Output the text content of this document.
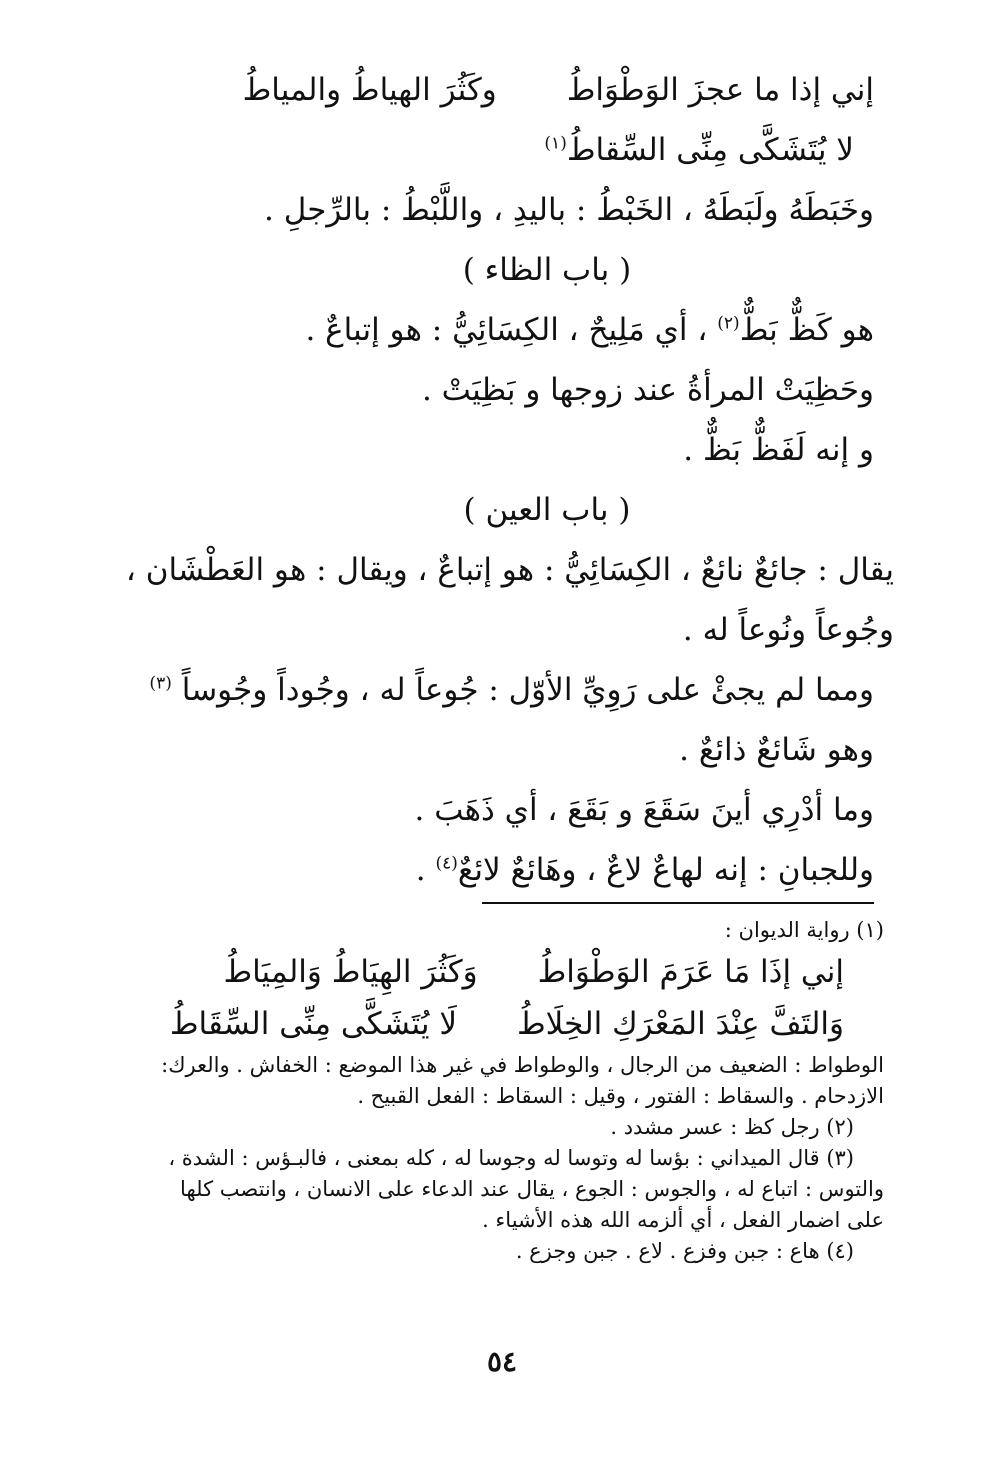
إني إذا ما عجزَ الوَطْوَاطُ
وكَثُرَ الهياطُ والمياطُ
لا يُتَشَكَّى مِنِّى السِّقاطُ$^{(١)}$
وخَبَطَهُ ولَبَطَهُ ، الخَبْطُ : باليدِ ، واللَّبْطُ : بالرِّجلِ .
( باب الظاء )
هو كَظٌّ بَطٌّ$^{(٢)}$ ، أي مَلِيحٌ ، الكِسَائِيُّ : هو إتباعٌ .
وحَظِيَتْ المرأةُ عند زوجها و بَظِيَتْ .
و إنه لَفَظٌّ بَظٌّ .
( باب العين )
يقال : جائعٌ نائعٌ ، الكِسَائِيُّ : هو إتباعٌ ، ويقال : هو العَطْشَان ،
وجُوعاً ونُوعاً له .
ومما لم يجئْ على رَوِيِّ الأوّل : جُوعاً له ، وجُوداً وجُوساً $^{(٣)}$
وهو شَائعٌ ذائعٌ .
وما أدْرِي أينَ سَقَعَ و بَقَعَ ، أي ذَهَبَ .
وللجبانِ : إنه لهاعٌ لاعٌ ، وهَائعٌ لائعٌ$^{(٤)}$ .
(١) رواية الديوان :
إني إذَا مَا عَرَمَ الوَطْوَاطُ
وَكَثُرَ الهِيَاطُ وَالمِيَاطُ
وَالتَفَّ عِنْدَ المَعْرَكِ الخِلَاطُ
لَا يُتَشَكَّى مِنِّى السِّقَاطُ
الوطواط : الضعيف من الرجال ، والوطواط في غير هذا الموضع : الخفاش . والعرك:
الازدحام . والسقاط : الفتور ، وقيل : السقاط : الفعل القبيح .
(٢) رجل كظ : عسر مشدد .
(٣) قال الميداني : بؤسا له وتوسا له وجوسا له ، كله بمعنى ، فالبـؤس : الشدة ،
والتوس : اتباع له ، والجوس : الجوع ، يقال عند الدعاء على الانسان ، وانتصب كلها
على اضمار الفعل ، أي ألزمه الله هذه الأشياء .
(٤) هاع : جبن وفزع . لاع . جبن وجزع .
٥٤
